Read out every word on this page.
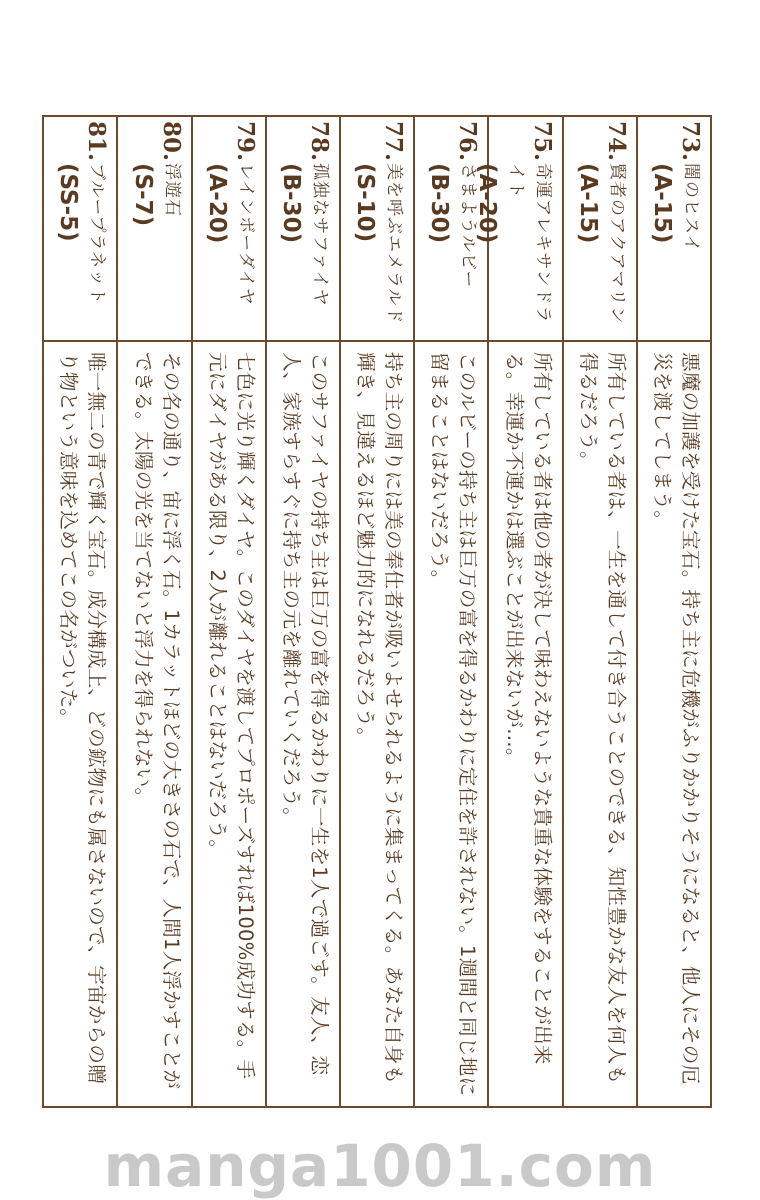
73.
闇のヒスイ
(A-15)
悪魔の加護を受けた宝石。持ち主に危機がふりかかりそうになると、他人にその厄災を渡してしまう。
74.
賢者のアクアマリン
(A-15)
所有している者は、一生を通して付き合うことのできる、知性豊かな友人を何人も得るだろう。
75.
奇運アレキサンドライト
(A-20)
所有している者は他の者が決して味わえないような貴重な体験をすることが出来る。幸運か不運かは選ぶことが出来ないが…。
76.
さまようルビー
(B-30)
このルビーの持ち主は巨万の富を得るかわりに定住を許されない。1週間と同じ地に留まることはないだろう。
77.
美を呼ぶエメラルド
(S-10)
持ち主の周りには美の奉仕者が吸いよせられるように集まってくる。あなた自身も輝き、見違えるほど魅力的になれるだろう。
78.
孤独なサファイヤ
(B-30)
このサファイヤの持ち主は巨万の富を得るかわりに一生を1人で過ごす。友人、恋人、家族すらすぐに持ち主の元を離れていくだろう。
79.
レインボーダイヤ
(A-20)
七色に光り輝くダイヤ。このダイヤを渡してプロポーズすれば100%成功する。手元にダイヤがある限り、2人が離れることはないだろう。
80.
浮遊石
(S-7)
その名の通り、宙に浮く石。1カラットほどの大きさの石で、人間1人浮かすことができる。太陽の光を当てないと浮力を得られない。
81.
ブループラネット
(SS-5)
唯一無二の青で輝く宝石。成分構成上、どの鉱物にも属さないので、宇宙からの贈り物という意味を込めてこの名がついた。
manga1001.com
